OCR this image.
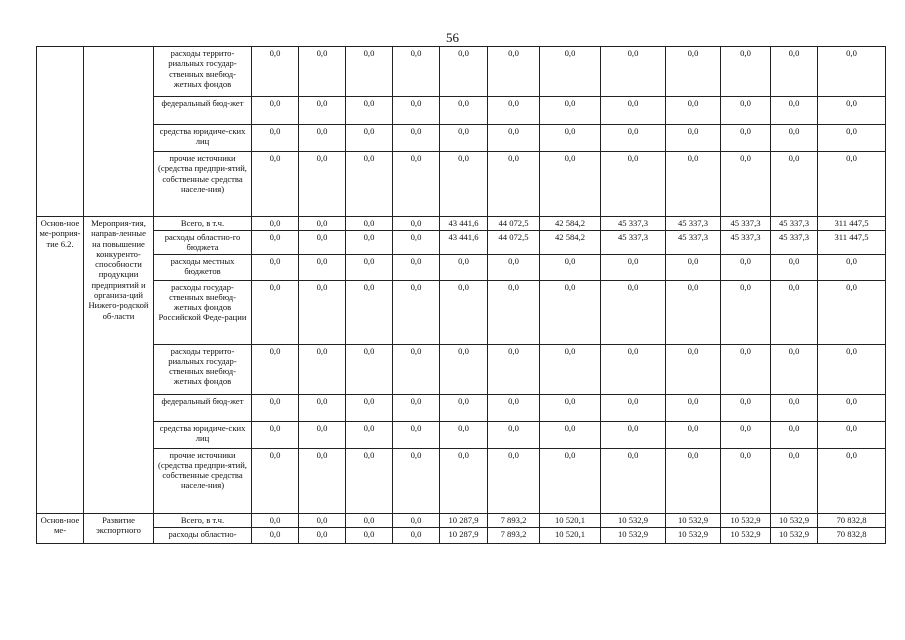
56
		расходы террито-риальных государ-ственных внебюд-жетных фондов	0,0	0,0	0,0	0,0	0,0	0,0	0,0	0,0	0,0	0,0	0,0	0,0
		федеральный бюд-жет	0,0	0,0	0,0	0,0	0,0	0,0	0,0	0,0	0,0	0,0	0,0	0,0
		средства юридиче-ских лиц	0,0	0,0	0,0	0,0	0,0	0,0	0,0	0,0	0,0	0,0	0,0	0,0
		прочие источники (средства предпри-ятий, собственные средства населе-ния)	0,0	0,0	0,0	0,0	0,0	0,0	0,0	0,0	0,0	0,0	0,0	0,0
Основ-ное ме-роприя-тие 6.2.	Мероприя-тия, направ-ленные на повышение конкуренто-способности продукции предприятий и организа-ций Нижего-родской об-ласти	Всего, в т.ч.	0,0	0,0	0,0	0,0	43 441,6	44 072,5	42 584,2	45 337,3	45 337,3	45 337,3	45 337,3	311 447,5
		расходы областно-го бюджета	0,0	0,0	0,0	0,0	43 441,6	44 072,5	42 584,2	45 337,3	45 337,3	45 337,3	45 337,3	311 447,5
		расходы местных бюджетов	0,0	0,0	0,0	0,0	0,0	0,0	0,0	0,0	0,0	0,0	0,0	0,0
		расходы государ-ственных внебюд-жетных фондов Российской Феде-рации	0,0	0,0	0,0	0,0	0,0	0,0	0,0	0,0	0,0	0,0	0,0	0,0
		расходы террито-риальных государ-ственных внебюд-жетных фондов	0,0	0,0	0,0	0,0	0,0	0,0	0,0	0,0	0,0	0,0	0,0	0,0
		федеральный бюд-жет	0,0	0,0	0,0	0,0	0,0	0,0	0,0	0,0	0,0	0,0	0,0	0,0
		средства юридиче-ских лиц	0,0	0,0	0,0	0,0	0,0	0,0	0,0	0,0	0,0	0,0	0,0	0,0
		прочие источники (средства предпри-ятий, собственные средства населе-ния)	0,0	0,0	0,0	0,0	0,0	0,0	0,0	0,0	0,0	0,0	0,0	0,0
Основ-ное ме-	Развитие экспортного	Всего, в т.ч.	0,0	0,0	0,0	0,0	10 287,9	7 893,2	10 520,1	10 532,9	10 532,9	10 532,9	10 532,9	70 832,8
		расходы областно-	0,0	0,0	0,0	0,0	10 287,9	7 893,2	10 520,1	10 532,9	10 532,9	10 532,9	10 532,9	70 832,8
